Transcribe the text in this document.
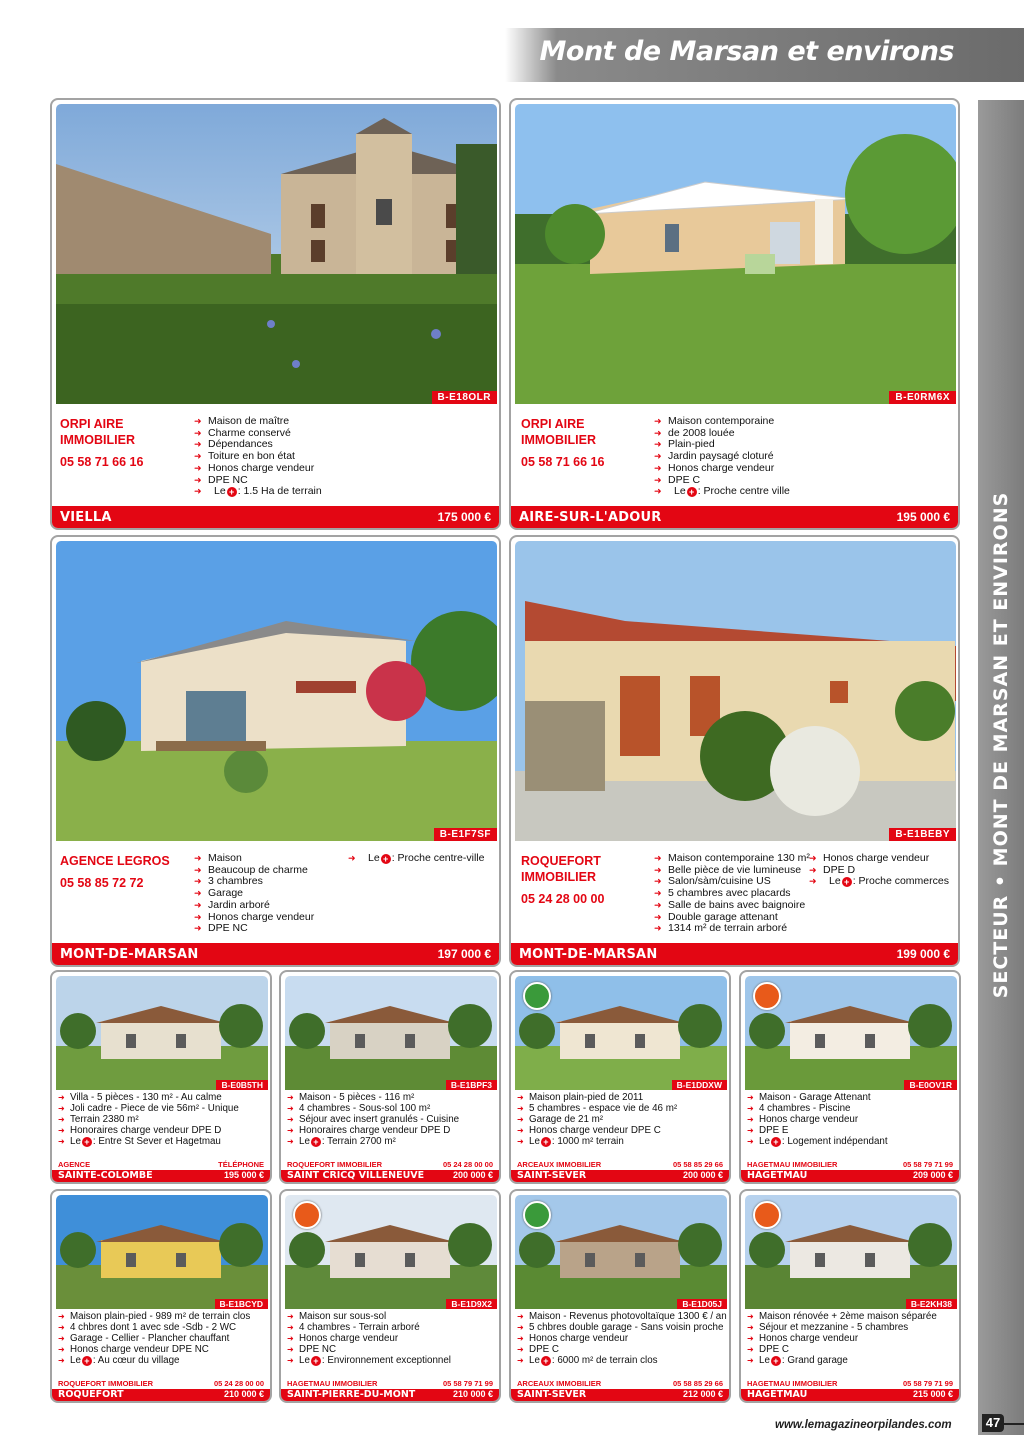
Mont de Marsan et environs
SECTEUR • MONT DE MARSAN ET ENVIRONS
B-E18OLR
ORPI AIRE IMMOBILIER
05 58 71 66 16
➜ Maison de maître
➜ Charme conservé
➜ Dépendances
➜ Toiture en bon état
➜ Honos charge vendeur
➜ DPE NC
➜ Le + : 1.5 Ha de terrain
VIELLA	175 000 €
B-E0RM6X
ORPI AIRE IMMOBILIER
05 58 71 66 16
➜ Maison contemporaine
➜ de 2008 louée
➜ Plain-pied
➜ Jardin paysagé cloturé
➜ Honos charge vendeur
➜ DPE C
➜ Le + : Proche centre ville
AIRE-SUR-L'ADOUR	195 000 €
B-E1F7SF
AGENCE LEGROS
05 58 85 72 72
➜ Maison
➜ Beaucoup de charme
➜ 3 chambres
➜ Garage
➜ Jardin arboré
➜ Honos charge vendeur
➜ DPE NC
➜ Le + : Proche centre-ville
MONT-DE-MARSAN	197 000 €
B-E1BEBY
ROQUEFORT IMMOBILIER
05 24 28 00 00
➜ Maison contemporaine 130 m²
➜ Belle pièce de vie lumineuse
➜ Salon/sàm/cuisine US
➜ 5 chambres avec placards
➜ Salle de bains avec baignoire
➜ Double garage attenant
➜ 1314 m² de terrain arboré
➜ Honos charge vendeur
➜ DPE D
➜ Le + : Proche commerces
MONT-DE-MARSAN	199 000 €
B-E0B5TH
➜ Villa - 5 pièces - 130 m² - Au calme
➜ Joli cadre - Piece de vie 56m² - Unique
➜ Terrain 2380 m²
➜ Honoraires charge vendeur DPE D
➜ Le + : Entre St Sever et Hagetmau
AGENCE	TÉLÉPHONE
SAINTE-COLOMBE	195 000 €
B-E1BPF3
➜ Maison - 5 pièces - 116 m²
➜ 4 chambres - Sous-sol 100 m²
➜ Séjour avec insert granulés - Cuisine
➜ Honoraires charge vendeur DPE D
➜ Le + : Terrain 2700 m²
ROQUEFORT IMMOBILIER	05 24 28 00 00
SAINT CRICQ VILLENEUVE	200 000 €
B-E1DDXW
➜ Maison plain-pied de 2011
➜ 5 chambres - espace vie de 46 m²
➜ Garage de 21 m²
➜ Honos charge vendeur DPE C
➜ Le + : 1000 m² terrain
ARCEAUX IMMOBILIER	05 58 85 29 66
SAINT-SEVER	200 000 €
B-E0OV1R
➜ Maison - Garage Attenant
➜ 4 chambres - Piscine
➜ Honos charge vendeur
➜ DPE E
➜ Le + : Logement indépendant
HAGETMAU IMMOBILIER	05 58 79 71 99
HAGETMAU	209 000 €
B-E1BCYD
➜ Maison plain-pied - 989 m² de terrain clos
➜ 4 chbres dont 1 avec sde -Sdb - 2 WC
➜ Garage - Cellier - Plancher chauffant
➜ Honos charge vendeur DPE NC
➜ Le + : Au cœur du village
ROQUEFORT IMMOBILIER	05 24 28 00 00
ROQUEFORT	210 000 €
B-E1D9X2
➜ Maison sur sous-sol
➜ 4 chambres - Terrain arboré
➜ Honos charge vendeur
➜ DPE NC
➜ Le + : Environnement exceptionnel
HAGETMAU IMMOBILIER	05 58 79 71 99
SAINT-PIERRE-DU-MONT	210 000 €
B-E1D05J
➜ Maison - Revenus photovoltaïque 1300 € / an
➜ 5 chbres double garage - Sans voisin proche
➜ Honos charge vendeur
➜ DPE C
➜ Le + : 6000 m² de terrain clos
ARCEAUX IMMOBILIER	05 58 85 29 66
SAINT-SEVER	212 000 €
B-E2KH38
➜ Maison rénovée + 2ème maison séparée
➜ Séjour et mezzanine - 5 chambres
➜ Honos charge vendeur
➜ DPE C
➜ Le + : Grand garage
HAGETMAU IMMOBILIER	05 58 79 71 99
HAGETMAU	215 000 €
www.lemagazineorpilandes.com	47
